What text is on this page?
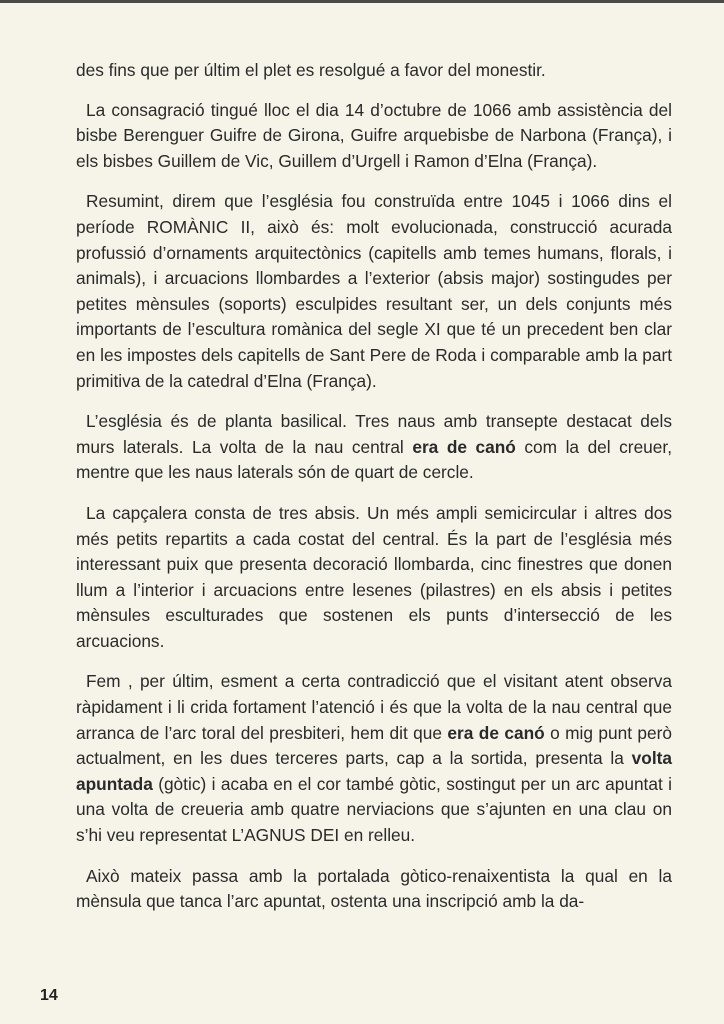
des fins que per últim el plet es resolgué a favor del monestir.

La consagració tingué lloc el dia 14 d’octubre de 1066 amb assistència del bisbe Berenguer Guifre de Girona, Guifre arquebisbe de Narbona (França), i els bisbes Guillem de Vic, Guillem d’Urgell i Ramon d’Elna (França).

Resumint, direm que l’església fou construïda entre 1045 i 1066 dins el període ROMÀNIC II, això és: molt evolucionada, construcció acurada profussió d’ornaments arquitectònics (capitells amb temes humans, florals, i animals), i arcuacions llombardes a l’exterior (absis major) sostingudes per petites mènsules (soports) esculpides resultant ser, un dels conjunts més importants de l’escultura romànica del segle XI que té un precedent ben clar en les impostes dels capitells de Sant Pere de Roda i comparable amb la part primitiva de la catedral d’Elna (França).

L’església és de planta basilical. Tres naus amb transepte destacat dels murs laterals. La volta de la nau central era de canó com la del creuer, mentre que les naus laterals són de quart de cercle.

La capçalera consta de tres absis. Un més ampli semicircular i altres dos més petits repartits a cada costat del central. És la part de l’església més interessant puix que presenta decoració llombarda, cinc finestres que donen llum a l’interior i arcuacions entre lesenes (pilastres) en els absis i petites mènsules esculturades que sostenen els punts d’intersecció de les arcuacions.

Fem , per últim, esment a certa contradicció que el visitant atent observa ràpidament i li crida fortament l’atenció i és que la volta de la nau central que arranca de l’arc toral del presbiteri, hem dit que era de canó o mig punt però actualment, en les dues terceres parts, cap a la sortida, presenta la volta apuntada (gòtic) i acaba en el cor també gòtic, sostingut per un arc apuntat i una volta de creueria amb quatre nerviacions que s’ajunten en una clau on s’hi veu representat L’AGNUS DEI en relleu.

Això mateix passa amb la portalada gòtico-renaixentista la qual en la mènsula que tanca l’arc apuntat, ostenta una inscripció amb la da-

14
